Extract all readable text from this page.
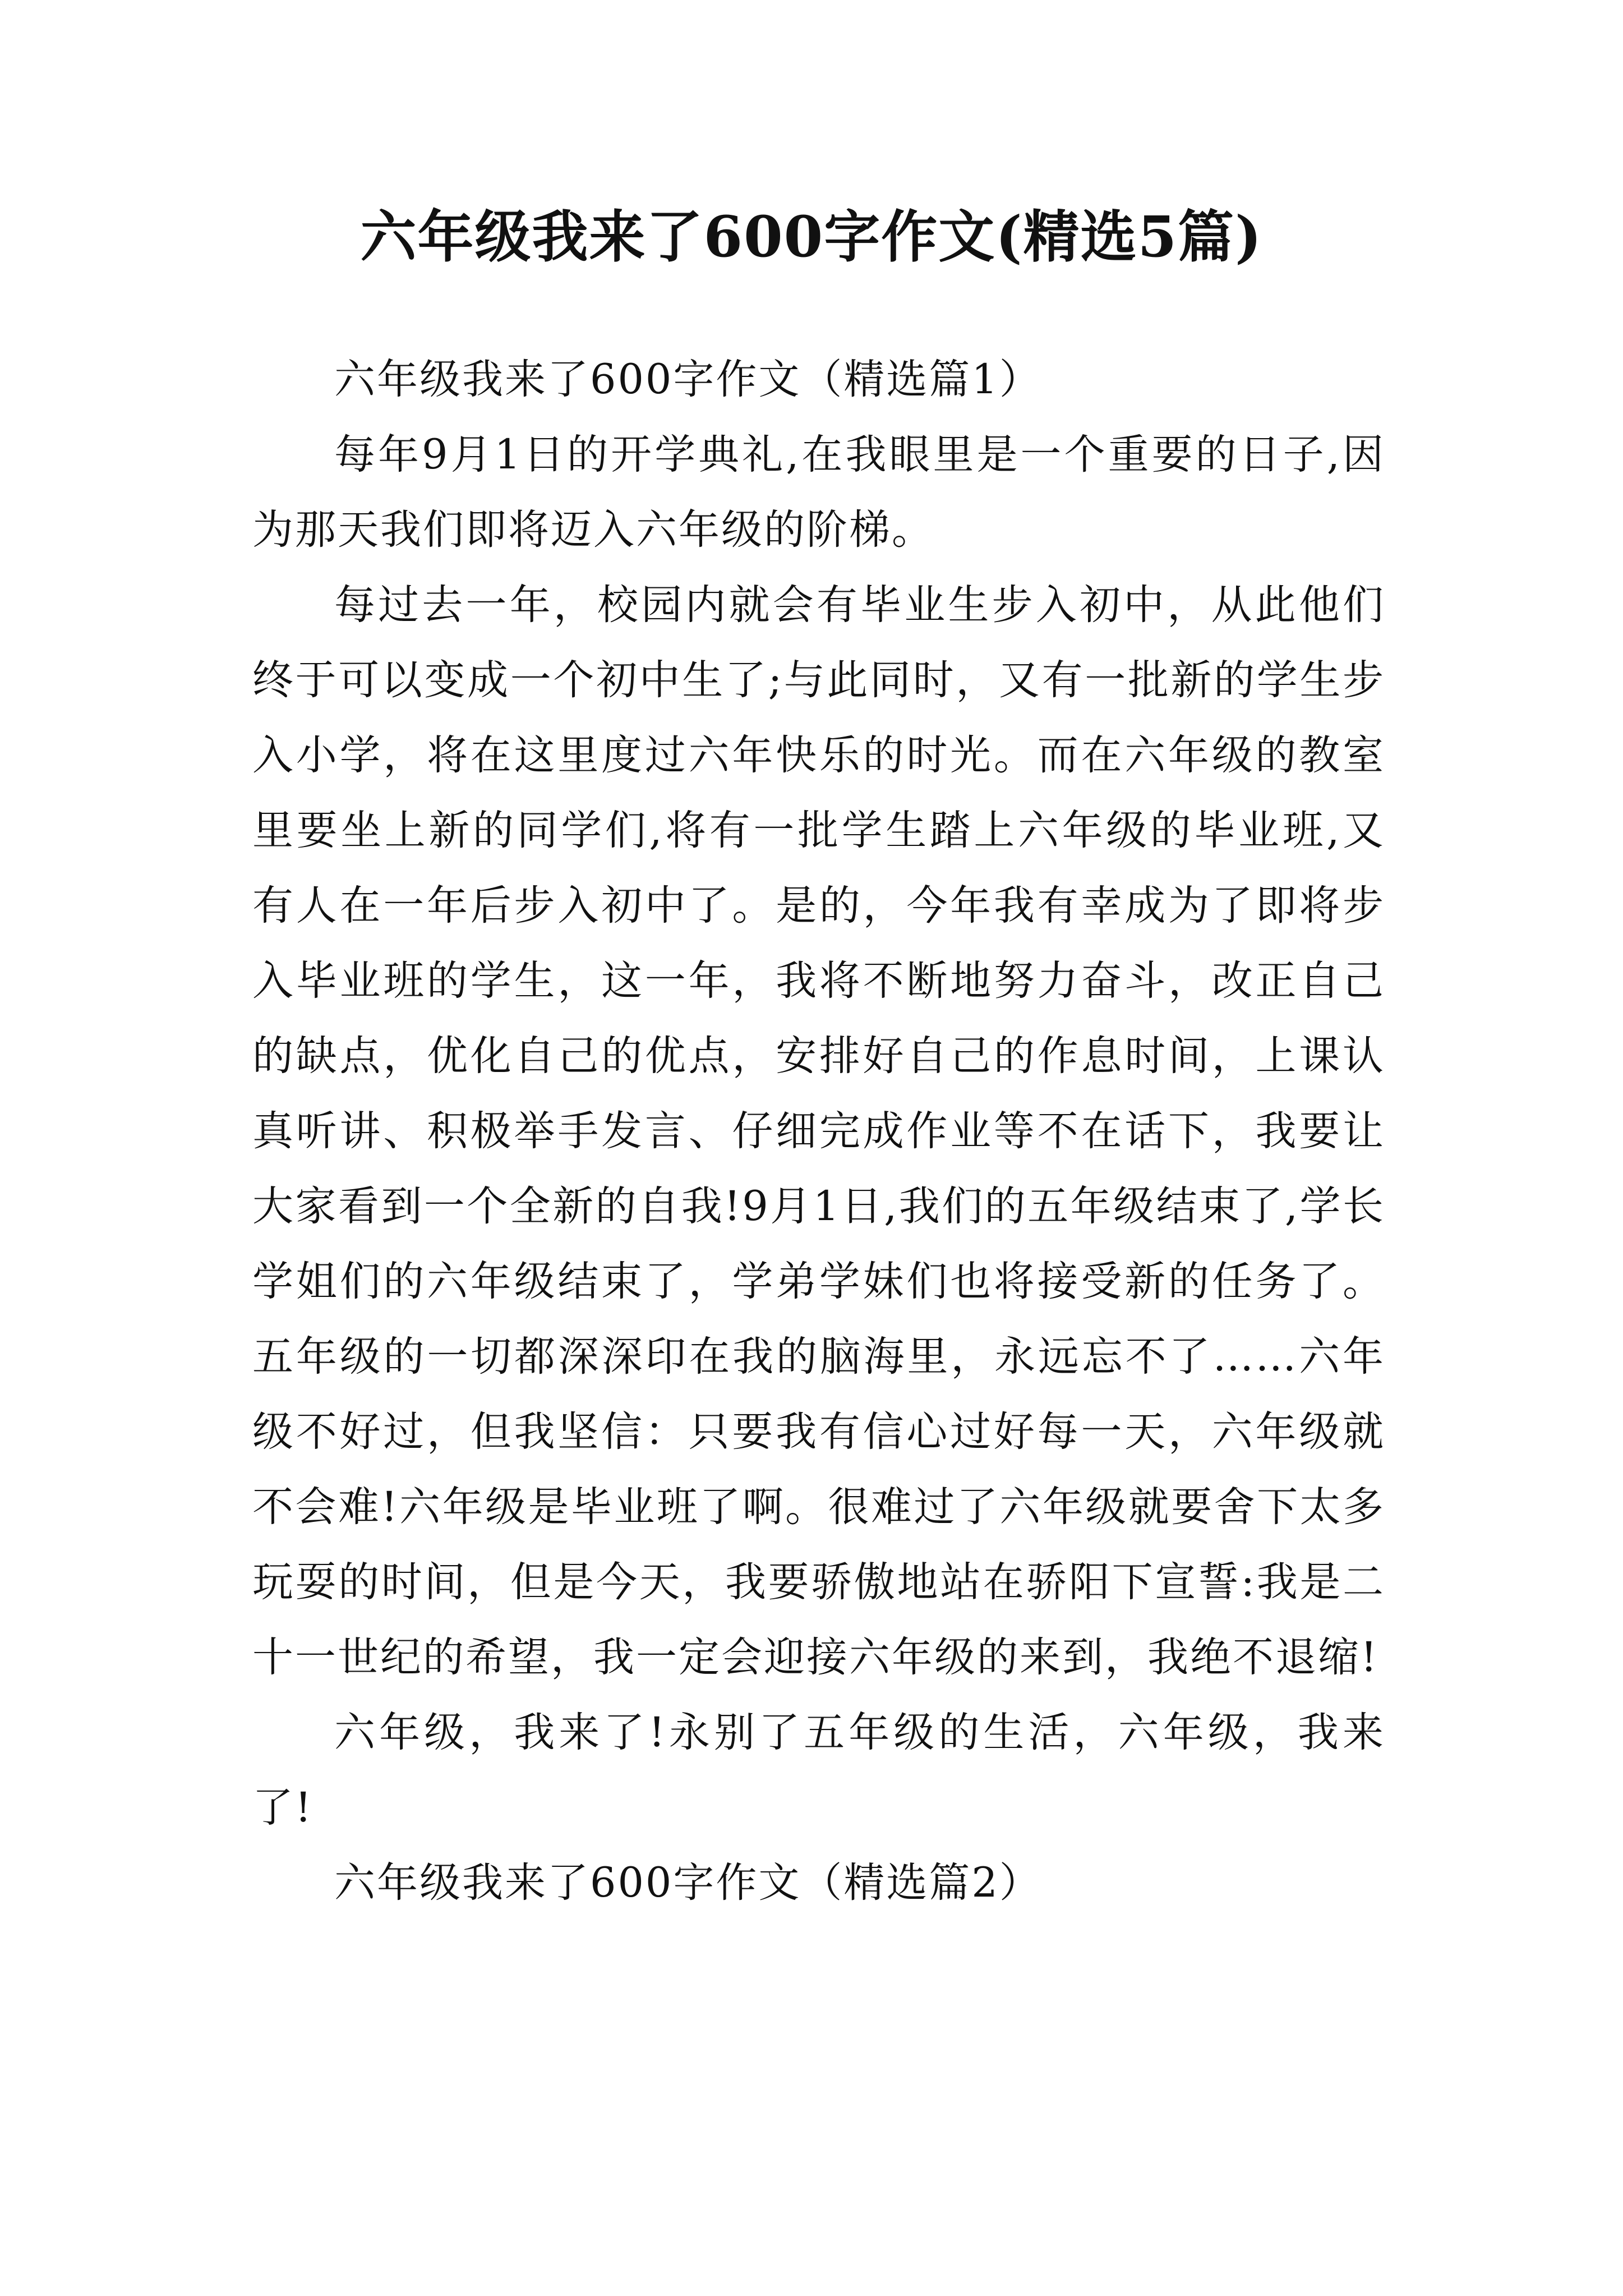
六年级我来了600字作文(精选5篇)

六年级我来了600字作文（精选篇1）

每年9月1日的开学典礼,在我眼里是一个重要的日子,因为那天我们即将迈入六年级的阶梯。

每过去一年，校园内就会有毕业生步入初中，从此他们终于可以变成一个初中生了;与此同时，又有一批新的学生步入小学，将在这里度过六年快乐的时光。而在六年级的教室里要坐上新的同学们,将有一批学生踏上六年级的毕业班,又有人在一年后步入初中了。是的，今年我有幸成为了即将步入毕业班的学生，这一年，我将不断地努力奋斗，改正自己的缺点，优化自己的优点，安排好自己的作息时间，上课认真听讲、积极举手发言、仔细完成作业等不在话下，我要让大家看到一个全新的自我!9月1日,我们的五年级结束了,学长学姐们的六年级结束了，学弟学妹们也将接受新的任务了。五年级的一切都深深印在我的脑海里，永远忘不了……六年级不好过，但我坚信：只要我有信心过好每一天，六年级就不会难!六年级是毕业班了啊。很难过了六年级就要舍下太多玩耍的时间，但是今天，我要骄傲地站在骄阳下宣誓:我是二十一世纪的希望，我一定会迎接六年级的来到，我绝不退缩!

六年级，我来了!永别了五年级的生活，六年级，我来了!

六年级我来了600字作文（精选篇2）
